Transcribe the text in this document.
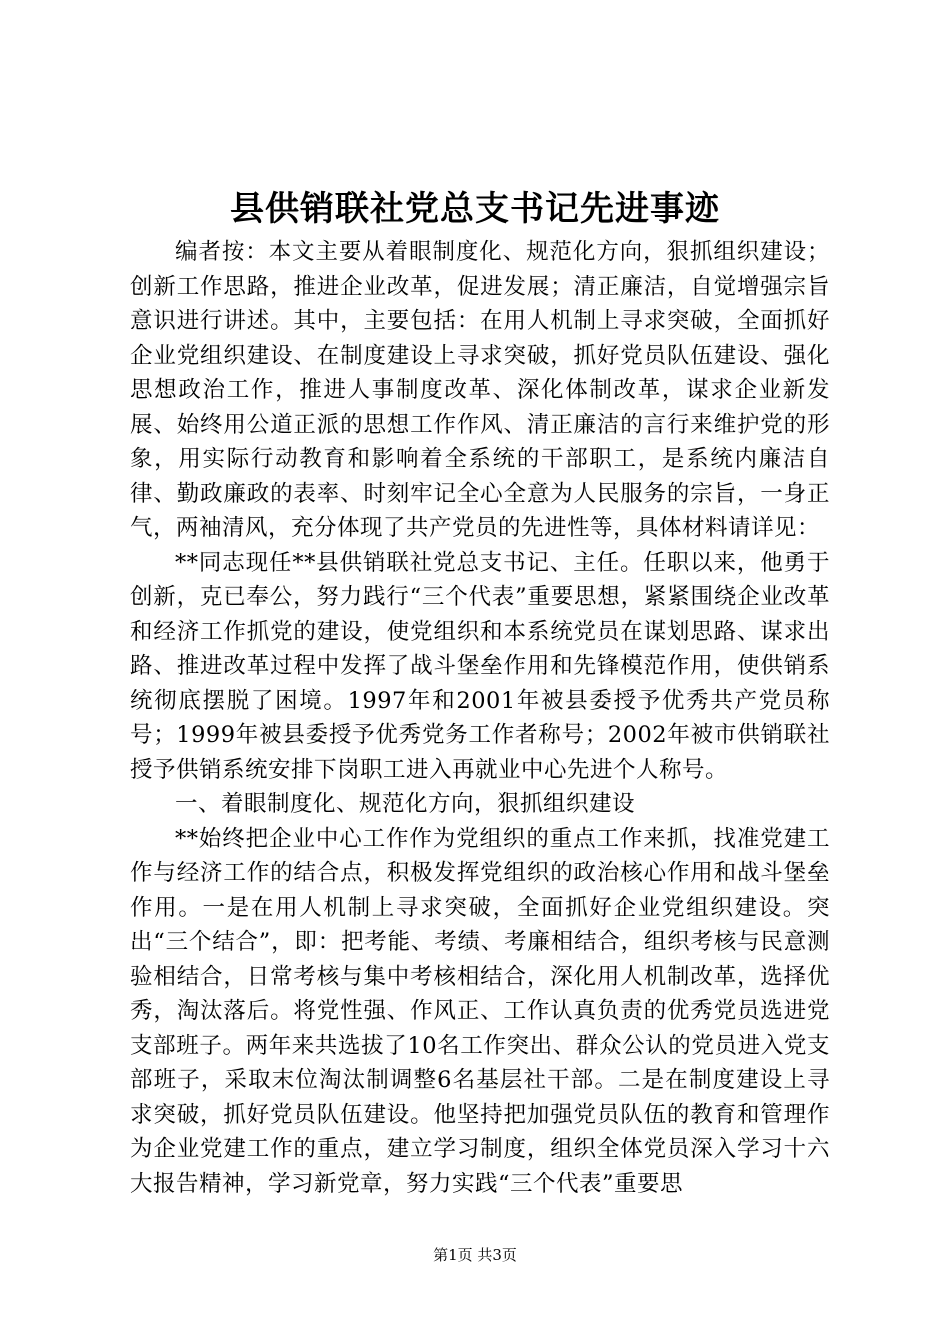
县供销联社党总支书记先进事迹

编者按：本文主要从着眼制度化、规范化方向，狠抓组织建设；创新工作思路，推进企业改革，促进发展；清正廉洁，自觉增强宗旨意识进行讲述。其中，主要包括：在用人机制上寻求突破，全面抓好企业党组织建设、在制度建设上寻求突破，抓好党员队伍建设、强化思想政治工作，推进人事制度改革、深化体制改革，谋求企业新发展、始终用公道正派的思想工作作风、清正廉洁的言行来维护党的形象，用实际行动教育和影响着全系统的干部职工，是系统内廉洁自律、勤政廉政的表率、时刻牢记全心全意为人民服务的宗旨，一身正气，两袖清风，充分体现了共产党员的先进性等，具体材料请详见：

**同志现任**县供销联社党总支书记、主任。任职以来，他勇于创新，克已奉公，努力践行“三个代表”重要思想，紧紧围绕企业改革和经济工作抓党的建设，使党组织和本系统党员在谋划思路、谋求出路、推进改革过程中发挥了战斗堡垒作用和先锋模范作用，使供销系统彻底摆脱了困境。1997年和2001年被县委授予优秀共产党员称号；1999年被县委授予优秀党务工作者称号；2002年被市供销联社授予供销系统安排下岗职工进入再就业中心先进个人称号。

一、着眼制度化、规范化方向，狠抓组织建设

**始终把企业中心工作作为党组织的重点工作来抓，找准党建工作与经济工作的结合点，积极发挥党组织的政治核心作用和战斗堡垒作用。一是在用人机制上寻求突破，全面抓好企业党组织建设。突出“三个结合”，即：把考能、考绩、考廉相结合，组织考核与民意测验相结合，日常考核与集中考核相结合，深化用人机制改革，选择优秀，淘汰落后。将党性强、作风正、工作认真负责的优秀党员选进党支部班子。两年来共选拔了10名工作突出、群众公认的党员进入党支部班子，采取末位淘汰制调整6名基层社干部。二是在制度建设上寻求突破，抓好党员队伍建设。他坚持把加强党员队伍的教育和管理作为企业党建工作的重点，建立学习制度，组织全体党员深入学习十六大报告精神，学习新党章，努力实践“三个代表”重要思

第1页 共3页
